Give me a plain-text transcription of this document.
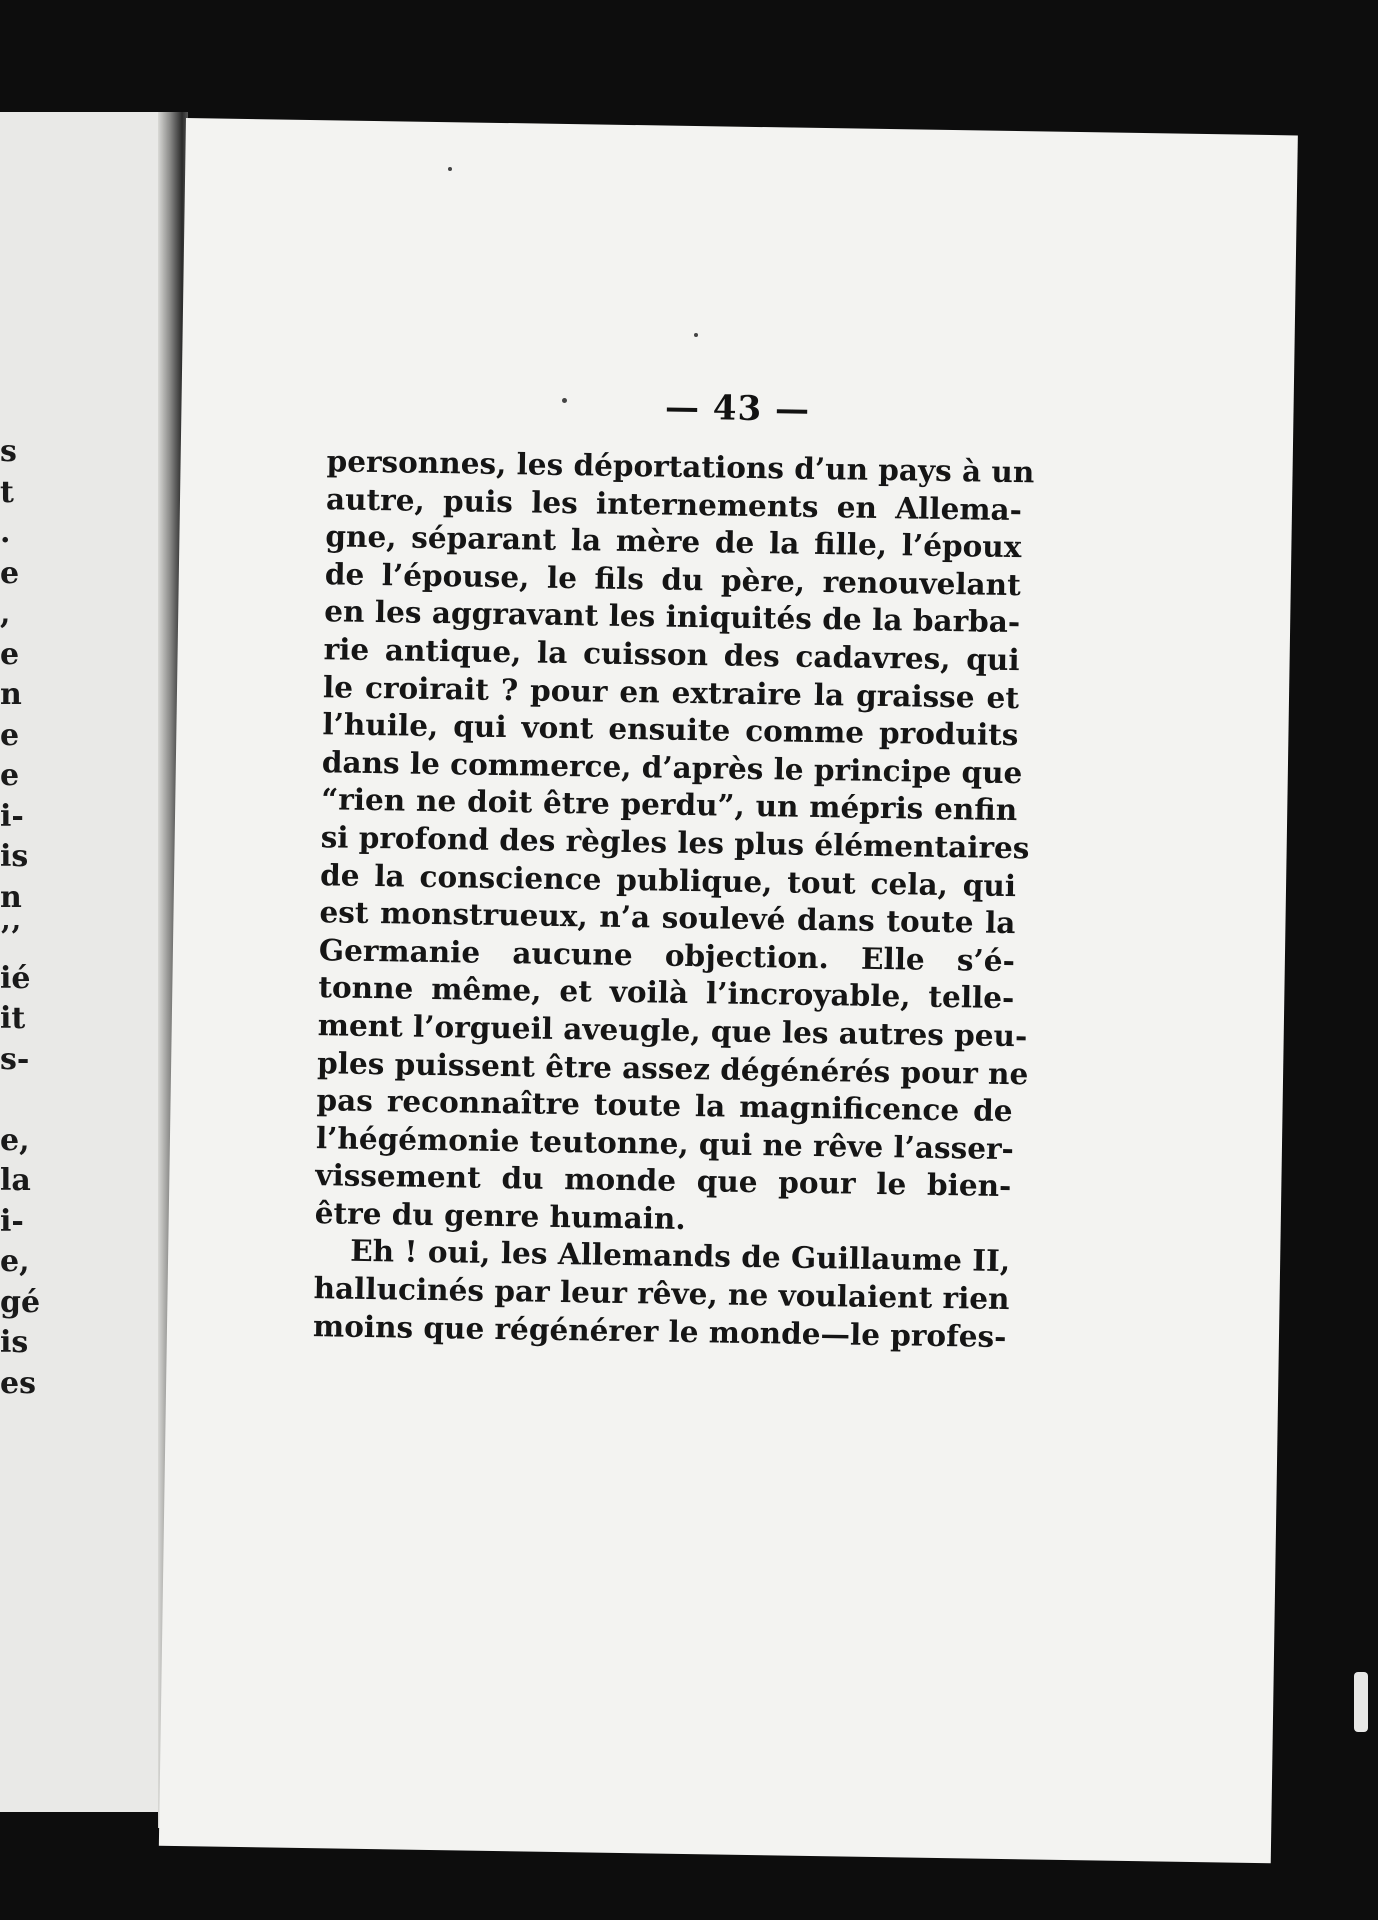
s
t
.
e
,
e
n
e
e
i-
is
n
’’
ié
it
s-
e,
la
i-
e,
gé
is
es
— 43 —
personnes, les déportations d’un pays à un
autre, puis les internements en Allema-
gne, séparant la mère de la fille, l’époux
de l’épouse, le fils du père, renouvelant
en les aggravant les iniquités de la barba-
rie antique, la cuisson des cadavres, qui
le croirait ? pour en extraire la graisse et
l’huile, qui vont ensuite comme produits
dans le commerce, d’après le principe que
“rien ne doit être perdu”, un mépris enfin
si profond des règles les plus élémentaires
de la conscience publique, tout cela, qui
est monstrueux, n’a soulevé dans toute la
Germanie aucune objection. Elle s’é-
tonne même, et voilà l’incroyable, telle-
ment l’orgueil aveugle, que les autres peu-
ples puissent être assez dégénérés pour ne
pas reconnaître toute la magnificence de
l’hégémonie teutonne, qui ne rêve l’asser-
vissement du monde que pour le bien-
être du genre humain.
Eh ! oui, les Allemands de Guillaume II,
hallucinés par leur rêve, ne voulaient rien
moins que régénérer le monde—le profes-
